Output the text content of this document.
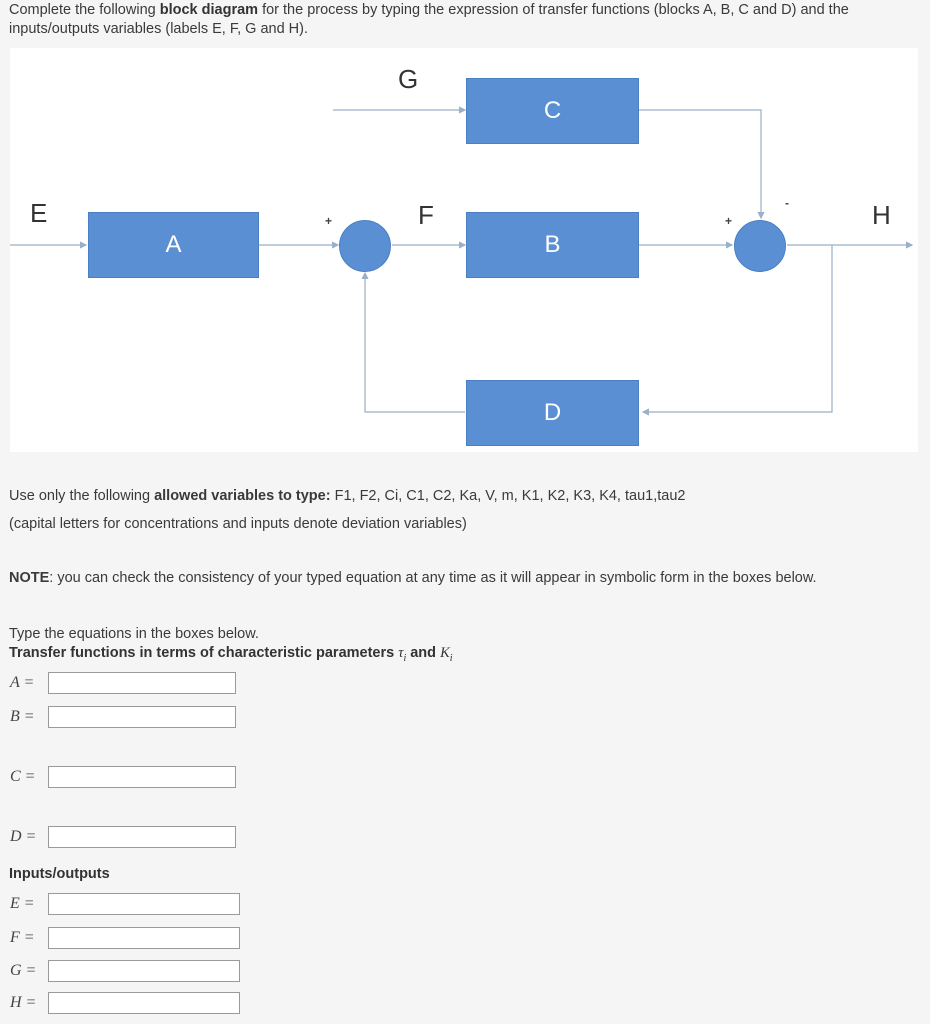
Complete the following block diagram for the process by typing the expression of transfer functions (blocks A, B, C and D) and the inputs/outputs variables (labels E, F, G and H).
A	B
C
D
+	+
-
E	F
G
H
Use only the following allowed variables to type: F1, F2, Ci, C1, C2, Ka, V, m, K1, K2, K3, K4, tau1,tau2
(capital letters for concentrations and inputs denote deviation variables)
NOTE: you can check the consistency of your typed equation at any time as it will appear in symbolic form in the boxes below.
Type the equations in the boxes below.
Transfer functions in terms of characteristic parameters $\tau_i$ and $K_i$
A =
B =
C =
D =
Inputs/outputs
E =
F =
G =
H =
